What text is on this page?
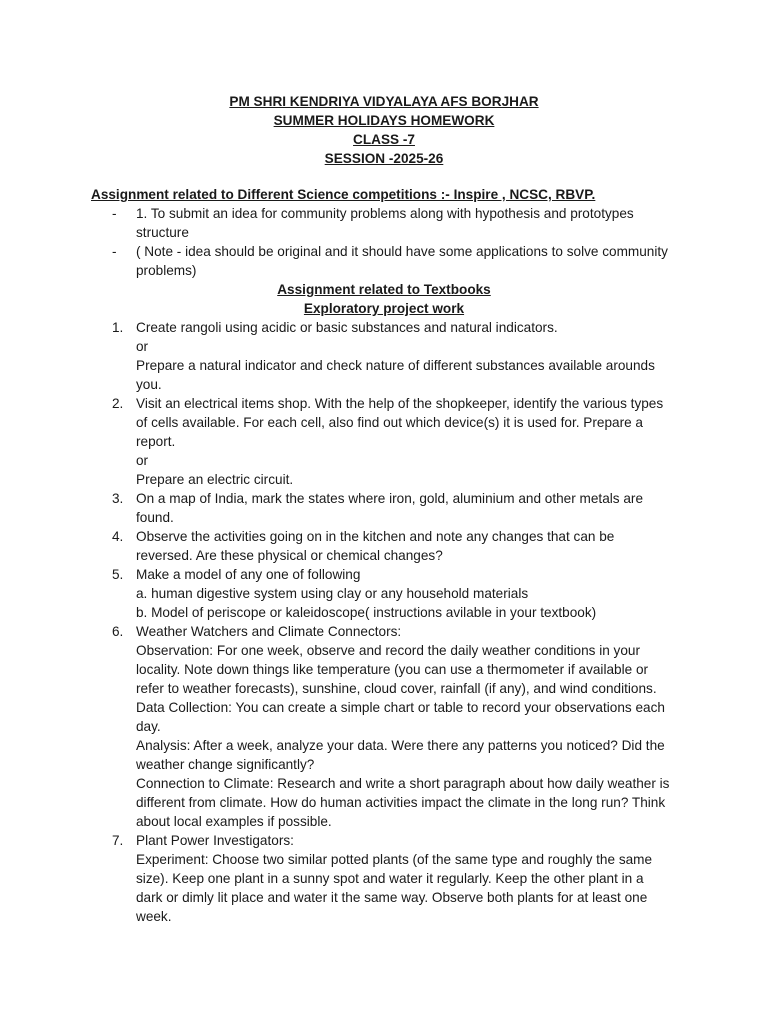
PM SHRI KENDRIYA VIDYALAYA AFS BORJHAR
SUMMER HOLIDAYS HOMEWORK
CLASS -7
SESSION -2025-26
Assignment related to Different Science competitions :- Inspire , NCSC, RBVP.
- 1. To submit an idea for community problems along with hypothesis and prototypes
structure
- ( Note - idea should be original and it should have some applications to solve community
problems)
Assignment related to Textbooks
Exploratory project work
1. Create rangoli using acidic or basic substances and natural indicators.
or
Prepare a natural indicator and check nature of different substances available arounds
you.
2. Visit an electrical items shop. With the help of the shopkeeper, identify the various types
of cells available. For each cell, also find out which device(s) it is used for. Prepare a
report.
or
Prepare an electric circuit.
3. On a map of India, mark the states where iron, gold, aluminium and other metals are
found.
4. Observe the activities going on in the kitchen and note any changes that can be
reversed. Are these physical or chemical changes?
5. Make a model of any one of following
a. human digestive system using clay or any household materials
b. Model of periscope or kaleidoscope( instructions avilable in your textbook)
6. Weather Watchers and Climate Connectors:
Observation: For one week, observe and record the daily weather conditions in your
locality. Note down things like temperature (you can use a thermometer if available or
refer to weather forecasts), sunshine, cloud cover, rainfall (if any), and wind conditions.
Data Collection: You can create a simple chart or table to record your observations each
day.
Analysis: After a week, analyze your data. Were there any patterns you noticed? Did the
weather change significantly?
Connection to Climate: Research and write a short paragraph about how daily weather is
different from climate. How do human activities impact the climate in the long run? Think
about local examples if possible.
7. Plant Power Investigators:
Experiment: Choose two similar potted plants (of the same type and roughly the same
size). Keep one plant in a sunny spot and water it regularly. Keep the other plant in a
dark or dimly lit place and water it the same way. Observe both plants for at least one
week.
